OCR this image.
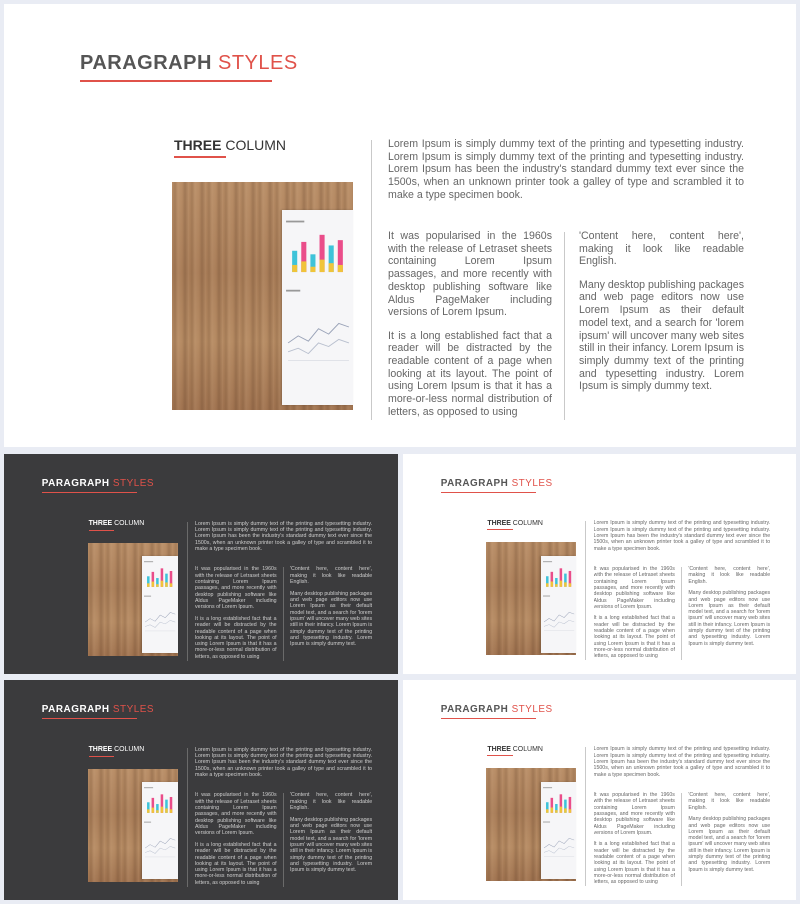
PARAGRAPH STYLES
THREE COLUMN	Lorem Ipsum is simply dummy text of the printing and typesetting industry. Lorem Ipsum is simply dummy text of the printing and typesetting industry. Lorem Ipsum has been the industry's standard dummy text ever since the 1500s, when an unknown printer took a galley of type and scrambled it to make a type specimen book.

It was popularised in the 1960s with the release of Letraset sheets containing Lorem Ipsum passages, and more recently with desktop publishing software like Aldus PageMaker including versions of Lorem Ipsum.

It is a long established fact that a reader will be distracted by the readable content of a page when looking at its layout. The point of using Lorem Ipsum is that it has a more-or-less normal distribution of letters, as opposed to using

'Content here, content here', making it look like readable English.

Many desktop publishing packages and web page editors now use Lorem Ipsum as their default model text, and a search for 'lorem ipsum' will uncover many web sites still in their infancy. Lorem Ipsum is simply dummy text of the printing and typesetting industry. Lorem Ipsum is simply dummy text.

PARAGRAPH STYLES
THREE COLUMN	Lorem Ipsum is simply dummy text of the printing and typesetting industry. Lorem Ipsum is simply dummy text of the printing and typesetting industry. Lorem Ipsum has been the industry's standard dummy text ever since the 1500s, when an unknown printer took a galley of type and scrambled it to make a type specimen book.

It was popularised in the 1960s with the release of Letraset sheets containing Lorem Ipsum passages, and more recently with desktop publishing software like Aldus PageMaker including versions of Lorem Ipsum.

It is a long established fact that a reader will be distracted by the readable content of a page when looking at its layout. The point of using Lorem Ipsum is that it has a more-or-less normal distribution of letters, as opposed to using

'Content here, content here', making it look like readable English.

Many desktop publishing packages and web page editors now use Lorem Ipsum as their default model text, and a search for 'lorem ipsum' will uncover many web sites still in their infancy. Lorem Ipsum is simply dummy text of the printing and typesetting industry. Lorem Ipsum is simply dummy text.

PARAGRAPH STYLES
THREE COLUMN	Lorem Ipsum is simply dummy text of the printing and typesetting industry. Lorem Ipsum is simply dummy text of the printing and typesetting industry. Lorem Ipsum has been the industry's standard dummy text ever since the 1500s, when an unknown printer took a galley of type and scrambled it to make a type specimen book.

It was popularised in the 1960s with the release of Letraset sheets containing Lorem Ipsum passages, and more recently with desktop publishing software like Aldus PageMaker including versions of Lorem Ipsum.

It is a long established fact that a reader will be distracted by the readable content of a page when looking at its layout. The point of using Lorem Ipsum is that it has a more-or-less normal distribution of letters, as opposed to using

'Content here, content here', making it look like readable English.

Many desktop publishing packages and web page editors now use Lorem Ipsum as their default model text, and a search for 'lorem ipsum' will uncover many web sites still in their infancy. Lorem Ipsum is simply dummy text of the printing and typesetting industry. Lorem Ipsum is simply dummy text.

PARAGRAPH STYLES
THREE COLUMN	Lorem Ipsum is simply dummy text of the printing and typesetting industry. Lorem Ipsum is simply dummy text of the printing and typesetting industry. Lorem Ipsum has been the industry's standard dummy text ever since the 1500s, when an unknown printer took a galley of type and scrambled it to make a type specimen book.

It was popularised in the 1960s with the release of Letraset sheets containing Lorem Ipsum passages, and more recently with desktop publishing software like Aldus PageMaker including versions of Lorem Ipsum.

It is a long established fact that a reader will be distracted by the readable content of a page when looking at its layout. The point of using Lorem Ipsum is that it has a more-or-less normal distribution of letters, as opposed to using

'Content here, content here', making it look like readable English.

Many desktop publishing packages and web page editors now use Lorem Ipsum as their default model text, and a search for 'lorem ipsum' will uncover many web sites still in their infancy. Lorem Ipsum is simply dummy text of the printing and typesetting industry. Lorem Ipsum is simply dummy text.

PARAGRAPH STYLES
THREE COLUMN	Lorem Ipsum is simply dummy text of the printing and typesetting industry. Lorem Ipsum is simply dummy text of the printing and typesetting industry. Lorem Ipsum has been the industry's standard dummy text ever since the 1500s, when an unknown printer took a galley of type and scrambled it to make a type specimen book.

It was popularised in the 1960s with the release of Letraset sheets containing Lorem Ipsum passages, and more recently with desktop publishing software like Aldus PageMaker including versions of Lorem Ipsum.

It is a long established fact that a reader will be distracted by the readable content of a page when looking at its layout. The point of using Lorem Ipsum is that it has a more-or-less normal distribution of letters, as opposed to using

'Content here, content here', making it look like readable English.

Many desktop publishing packages and web page editors now use Lorem Ipsum as their default model text, and a search for 'lorem ipsum' will uncover many web sites still in their infancy. Lorem Ipsum is simply dummy text of the printing and typesetting industry. Lorem Ipsum is simply dummy text.
